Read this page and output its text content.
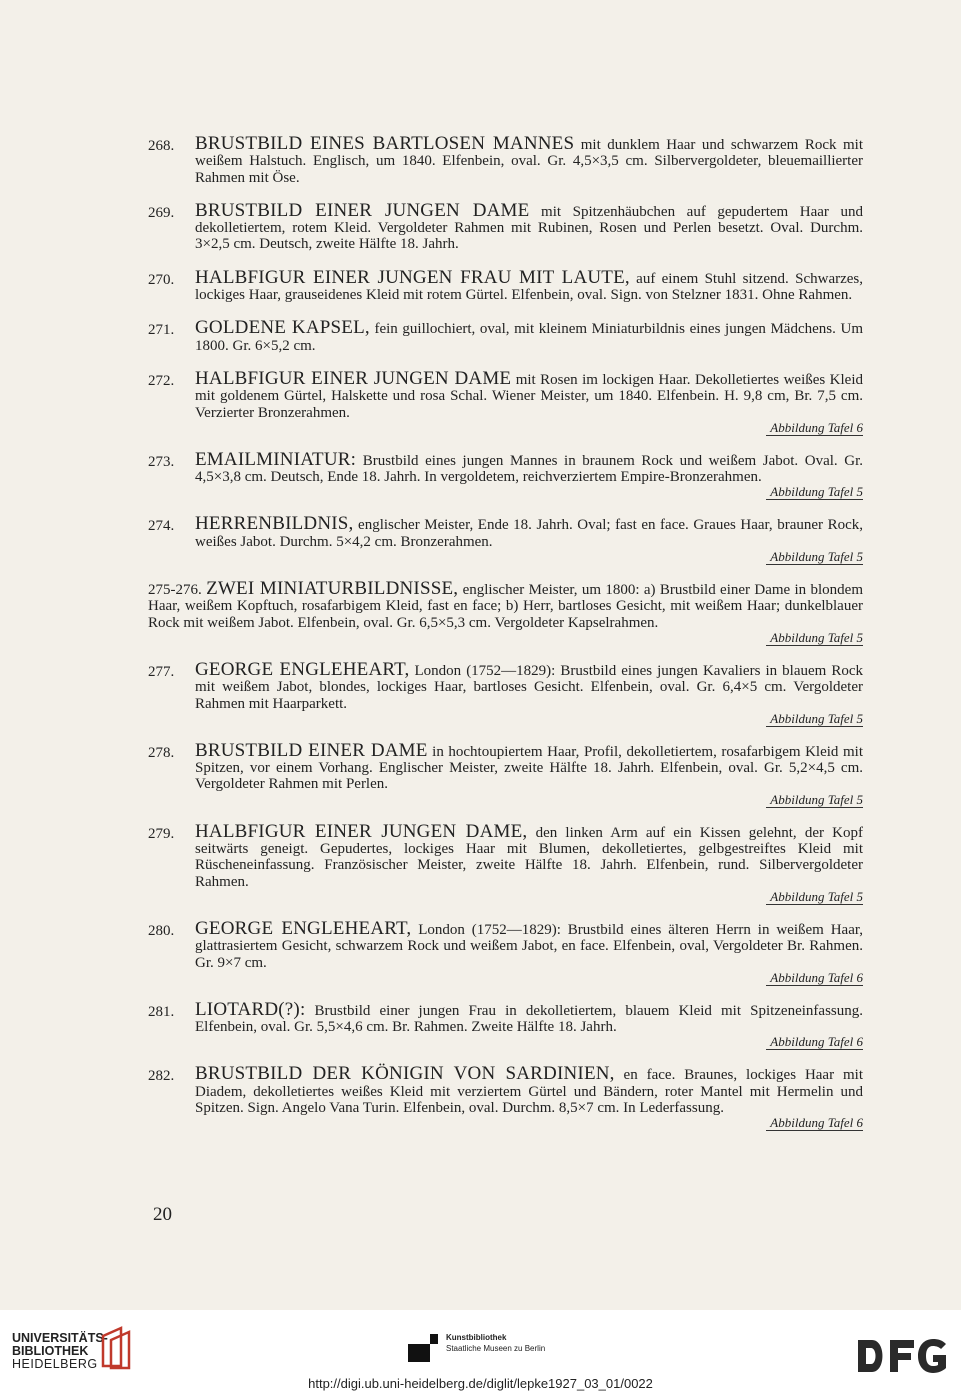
268.	BRUSTBILD EINES BARTLOSEN MANNES mit dunklem Haar und schwarzem Rock mit weißem Halstuch. Englisch, um 1840. Elfenbein, oval. Gr. 4,5×3,5 cm. Silbervergoldeter, bleuemaillierter Rahmen mit Öse.
269.	BRUSTBILD EINER JUNGEN DAME mit Spitzenhäubchen auf gepudertem Haar und dekolletiertem, rotem Kleid. Vergoldeter Rahmen mit Rubinen, Rosen und Perlen besetzt. Oval. Durchm. 3×2,5 cm. Deutsch, zweite Hälfte 18. Jahrh.
270.	HALBFIGUR EINER JUNGEN FRAU MIT LAUTE, auf einem Stuhl sitzend. Schwarzes, lockiges Haar, grauseidenes Kleid mit rotem Gürtel. Elfenbein, oval. Sign. von Stelzner 1831. Ohne Rahmen.
271.	GOLDENE KAPSEL, fein guillochiert, oval, mit kleinem Miniaturbildnis eines jungen Mädchens. Um 1800. Gr. 6×5,2 cm.
272.	HALBFIGUR EINER JUNGEN DAME mit Rosen im lockigen Haar. Dekolletiertes weißes Kleid mit goldenem Gürtel, Halskette und rosa Schal. Wiener Meister, um 1840. Elfenbein. H. 9,8 cm, Br. 7,5 cm. Verzierter Bronzerahmen.
Abbildung Tafel 6
273.	EMAILMINIATUR: Brustbild eines jungen Mannes in braunem Rock und weißem Jabot. Oval. Gr. 4,5×3,8 cm. Deutsch, Ende 18. Jahrh. In vergoldetem, reichverziertem Empire-Bronzerahmen.
Abbildung Tafel 5
274.	HERRENBILDNIS, englischer Meister, Ende 18. Jahrh. Oval; fast en face. Graues Haar, brauner Rock, weißes Jabot. Durchm. 5×4,2 cm. Bronzerahmen.
Abbildung Tafel 5
275-276. ZWEI MINIATURBILDNISSE, englischer Meister, um 1800: a) Brustbild einer Dame in blondem Haar, weißem Kopftuch, rosafarbigem Kleid, fast en face; b) Herr, bartloses Gesicht, mit weißem Haar; dunkelblauer Rock mit weißem Jabot. Elfenbein, oval. Gr. 6,5×5,3 cm. Vergoldeter Kapselrahmen.
Abbildung Tafel 5
277.	GEORGE ENGLEHEART, London (1752—1829): Brustbild eines jungen Kavaliers in blauem Rock mit weißem Jabot, blondes, lockiges Haar, bartloses Gesicht. Elfenbein, oval. Gr. 6,4×5 cm. Vergoldeter Rahmen mit Haarparkett.
Abbildung Tafel 5
278.	BRUSTBILD EINER DAME in hochtoupiertem Haar, Profil, dekolletiertem, rosafarbigem Kleid mit Spitzen, vor einem Vorhang. Englischer Meister, zweite Hälfte 18. Jahrh. Elfenbein, oval. Gr. 5,2×4,5 cm. Vergoldeter Rahmen mit Perlen.
Abbildung Tafel 5
279.	HALBFIGUR EINER JUNGEN DAME, den linken Arm auf ein Kissen gelehnt, der Kopf seitwärts geneigt. Gepudertes, lockiges Haar mit Blumen, dekolletiertes, gelbgestreiftes Kleid mit Rüscheneinfassung. Französischer Meister, zweite Hälfte 18. Jahrh. Elfenbein, rund. Silbervergoldeter Rahmen.
Abbildung Tafel 5
280.	GEORGE ENGLEHEART, London (1752—1829): Brustbild eines älteren Herrn in weißem Haar, glattrasiertem Gesicht, schwarzem Rock und weißem Jabot, en face. Elfenbein, oval, Vergoldeter Br. Rahmen. Gr. 9×7 cm.
Abbildung Tafel 6
281.	LIOTARD(?): Brustbild einer jungen Frau in dekolletiertem, blauem Kleid mit Spitzeneinfassung. Elfenbein, oval. Gr. 5,5×4,6 cm. Br. Rahmen. Zweite Hälfte 18. Jahrh.
Abbildung Tafel 6
282.	BRUSTBILD DER KÖNIGIN VON SARDINIEN, en face. Braunes, lockiges Haar mit Diadem, dekolletiertes weißes Kleid mit verziertem Gürtel und Bändern, roter Mantel mit Hermelin und Spitzen. Sign. Angelo Vana Turin. Elfenbein, oval. Durchm. 8,5×7 cm. In Lederfassung.
Abbildung Tafel 6
20
UNIVERSITÄTS-
BIBLIOTHEK
HEIDELBERG
Kunstbibliothek
Staatliche Museen zu Berlin
http://digi.ub.uni-heidelberg.de/diglit/lepke1927_03_01/0022
